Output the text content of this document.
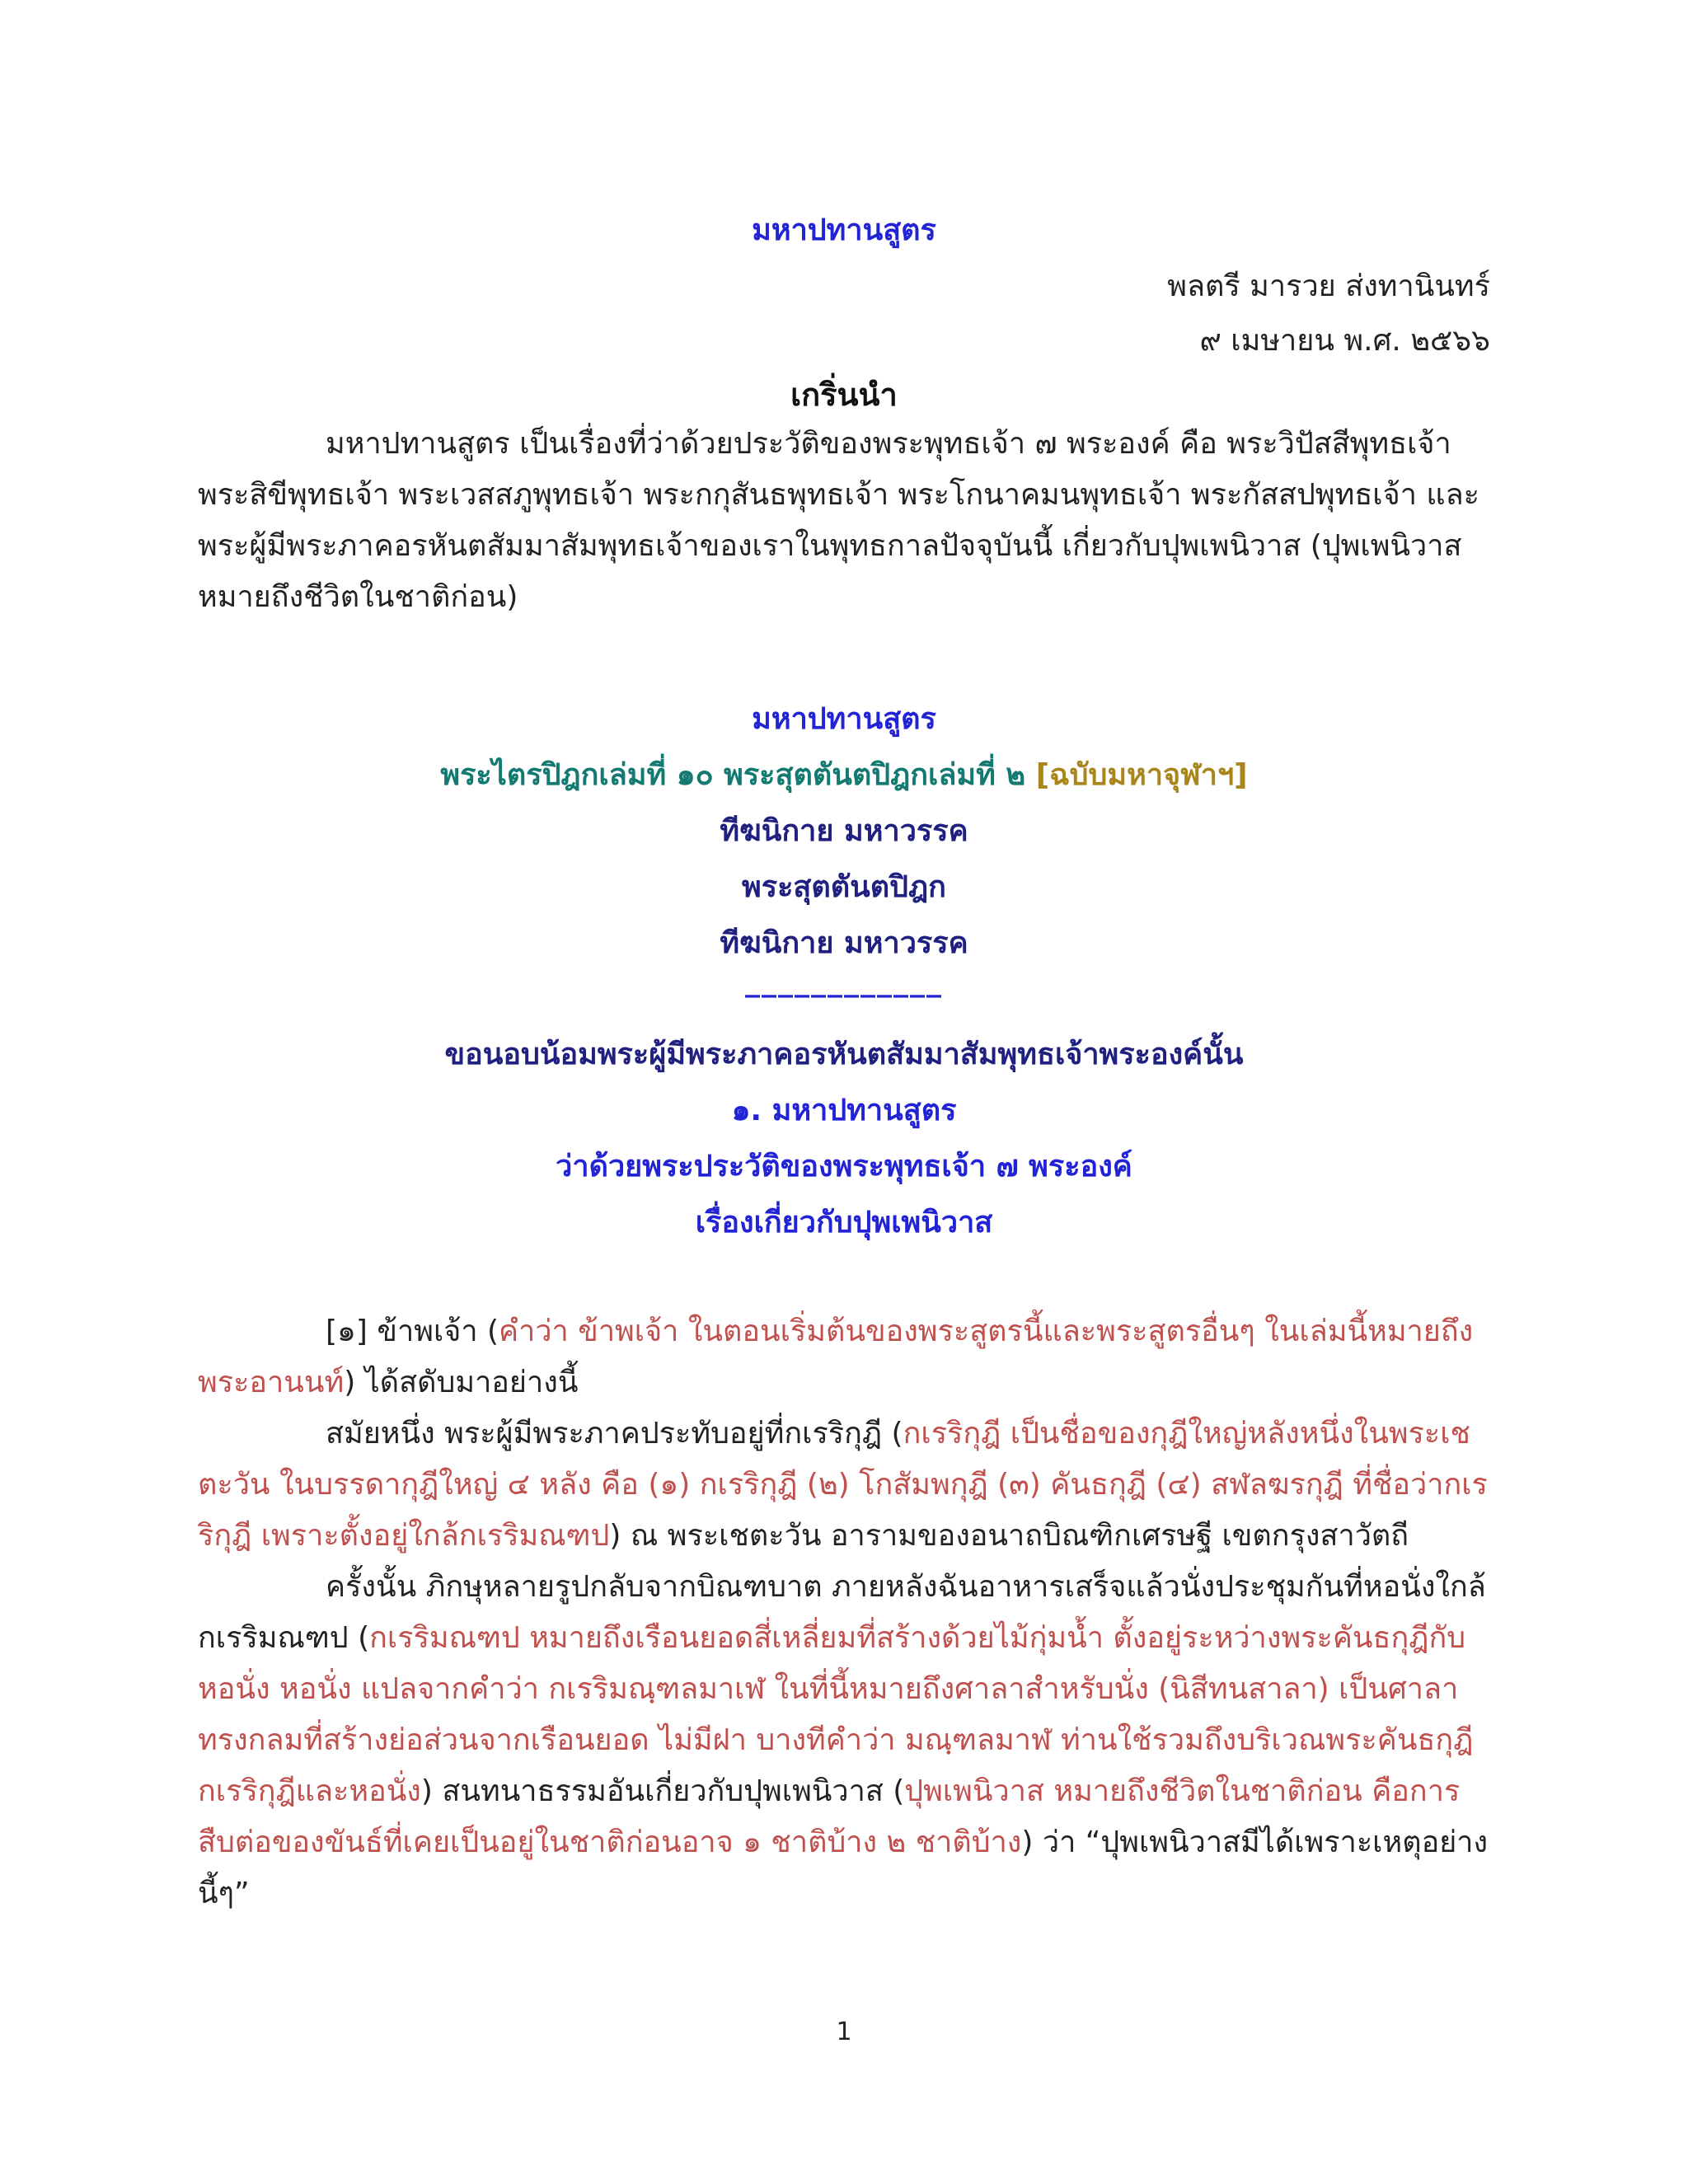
มหาปทานสูตร
พลตรี มารวย ส่งทานินทร์
๙ เมษายน พ.ศ. ๒๕๖๖
เกริ่นนำ
มหาปทานสูตร เป็นเรื่องที่ว่าด้วยประวัติของพระพุทธเจ้า ๗ พระองค์ คือ พระวิปัสสีพุทธเจ้า
พระสิขีพุทธเจ้า พระเวสสภูพุทธเจ้า พระกกุสันธพุทธเจ้า พระโกนาคมนพุทธเจ้า พระกัสสปพุทธเจ้า และ
พระผู้มีพระภาคอรหันตสัมมาสัมพุทธเจ้าของเราในพุทธกาลปัจจุบันนี้ เกี่ยวกับปุพเพนิวาส (ปุพเพนิวาส
หมายถึงชีวิตในชาติก่อน)
มหาปทานสูตร
พระไตรปิฎกเล่มที่ ๑๐ พระสุตตันตปิฎกเล่มที่ ๒ [ฉบับมหาจุฬาฯ]
ทีฆนิกาย มหาวรรค
พระสุตตันตปิฎก
ทีฆนิกาย มหาวรรค
____________
ขอนอบน้อมพระผู้มีพระภาคอรหันตสัมมาสัมพุทธเจ้าพระองค์นั้น
๑. มหาปทานสูตร
ว่าด้วยพระประวัติของพระพุทธเจ้า ๗ พระองค์
เรื่องเกี่ยวกับปุพเพนิวาส
[๑] ข้าพเจ้า (คำว่า ข้าพเจ้า ในตอนเริ่มต้นของพระสูตรนี้และพระสูตรอื่นๆ ในเล่มนี้หมายถึงพระอานนท์) ได้สดับมาอย่างนี้
สมัยหนึ่ง พระผู้มีพระภาคประทับอยู่ที่กเรริกุฎี (กเรริกุฎี เป็นชื่อของกุฎีใหญ่หลังหนึ่งในพระเชตะวัน ในบรรดากุฎีใหญ่ ๔ หลัง คือ (๑) กเรริกุฎี (๒) โกสัมพกุฎี (๓) คันธกุฎี (๔) สฬลฆรกุฎี ที่ชื่อว่ากเรริกุฎี เพราะตั้งอยู่ใกล้กเรริมณฑป) ณ พระเชตะวัน อารามของอนาถบิณฑิกเศรษฐี เขตกรุงสาวัตถี
ครั้งนั้น ภิกษุหลายรูปกลับจากบิณฑบาต ภายหลังฉันอาหารเสร็จแล้วนั่งประชุมกันที่หอนั่งใกล้กเรริมณฑป (กเรริมณฑป หมายถึงเรือนยอดสี่เหลี่ยมที่สร้างด้วยไม้กุ่มน้ำ ตั้งอยู่ระหว่างพระคันธกุฎีกับหอนั่ง หอนั่ง แปลจากคำว่า กเรริมณฺฑลมาเฬ ในที่นี้หมายถึงศาลาสำหรับนั่ง (นิสีทนสาลา) เป็นศาลาทรงกลมที่สร้างย่อส่วนจากเรือนยอด ไม่มีฝา บางทีคำว่า มณฺฑลมาฬ ท่านใช้รวมถึงบริเวณพระคันธกุฎี กเรริกุฎีและหอนั่ง) สนทนาธรรมอันเกี่ยวกับปุพเพนิวาส (ปุพเพนิวาส หมายถึงชีวิตในชาติก่อน คือการสืบต่อของขันธ์ที่เคยเป็นอยู่ในชาติก่อนอาจ ๑ ชาติบ้าง ๒ ชาติบ้าง) ว่า “ปุพเพนิวาสมีได้เพราะเหตุอย่างนี้ๆ”
1
